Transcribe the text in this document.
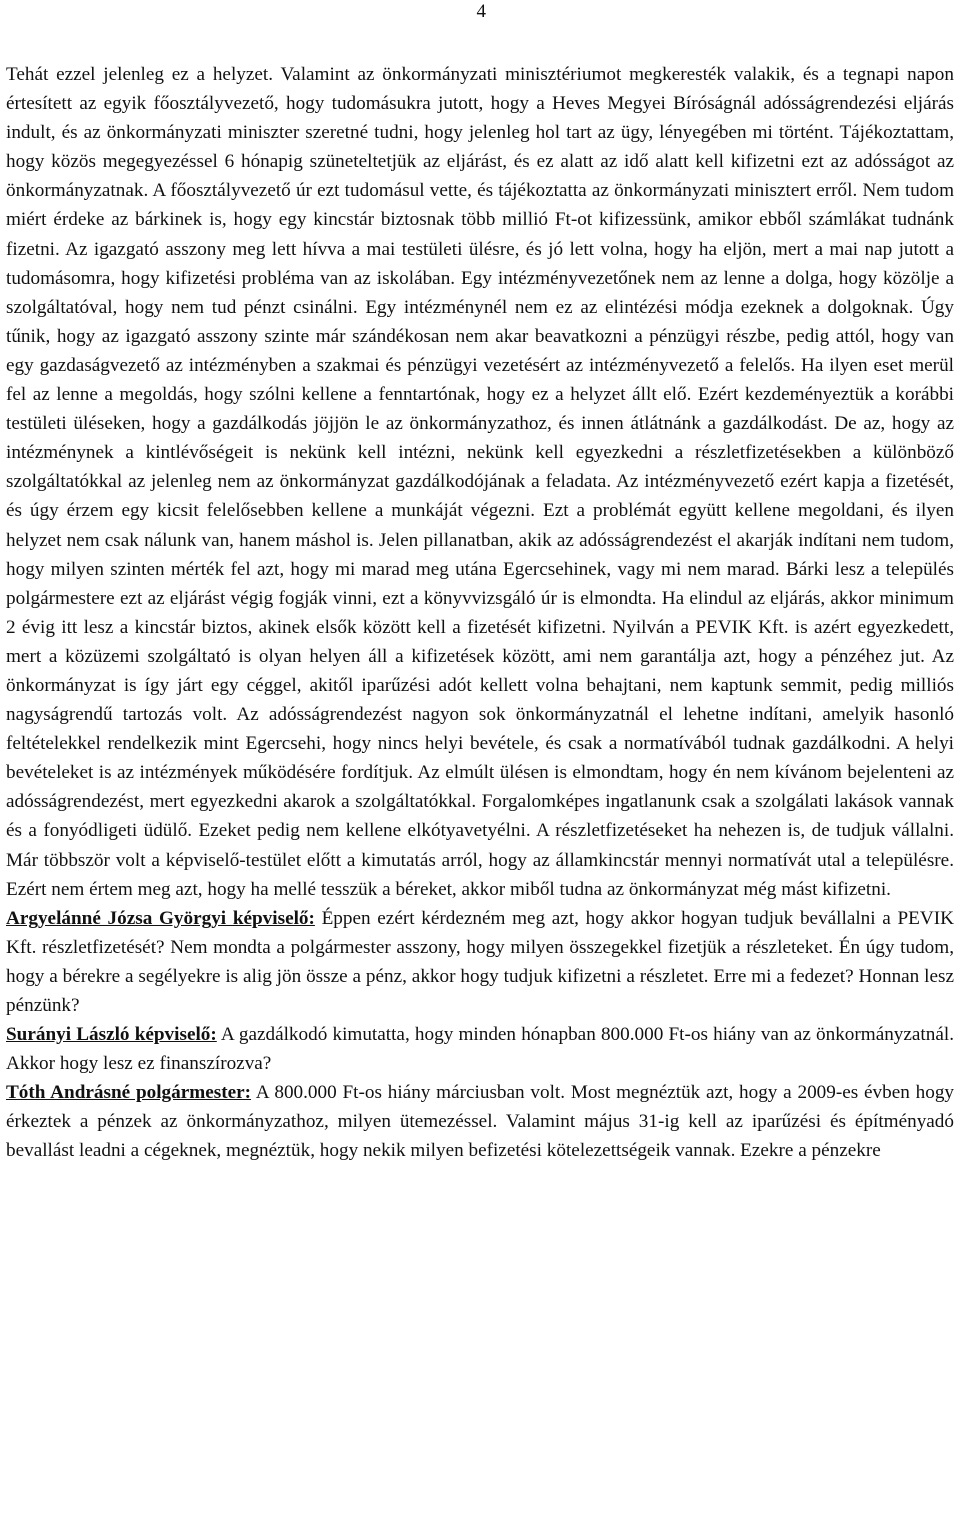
4

Tehát ezzel jelenleg ez a helyzet. Valamint az önkormányzati minisztériumot megkeresték valakik, és a tegnapi napon értesített az egyik főosztályvezető, hogy tudomásukra jutott, hogy a Heves Megyei Bíróságnál adósságrendezési eljárás indult, és az önkormányzati miniszter szeretné tudni, hogy jelenleg hol tart az ügy, lényegében mi történt. Tájékoztattam, hogy közös megegyezéssel 6 hónapig szüneteltetjük az eljárást, és ez alatt az idő alatt kell kifizetni ezt az adósságot az önkormányzatnak. A főosztályvezető úr ezt tudomásul vette, és tájékoztatta az önkormányzati minisztert erről. Nem tudom miért érdeke az bárkinek is, hogy egy kincstár biztosnak több millió Ft-ot kifizessünk, amikor ebből számlákat tudnánk fizetni. Az igazgató asszony meg lett hívva a mai testületi ülésre, és jó lett volna, hogy ha eljön, mert a mai nap jutott a tudomásomra, hogy kifizetési probléma van az iskolában. Egy intézményvezetőnek nem az lenne a dolga, hogy közölje a szolgáltatóval, hogy nem tud pénzt csinálni. Egy intézménynél nem ez az elintézési módja ezeknek a dolgoknak. Úgy tűnik, hogy az igazgató asszony szinte már szándékosan nem akar beavatkozni a pénzügyi részbe, pedig attól, hogy van egy gazdaságvezető az intézményben a szakmai és pénzügyi vezetésért az intézményvezető a felelős. Ha ilyen eset merül fel az lenne a megoldás, hogy szólni kellene a fenntartónak, hogy ez a helyzet állt elő. Ezért kezdeményeztük a korábbi testületi üléseken, hogy a gazdálkodás jöjjön le az önkormányzathoz, és innen átlátnánk a gazdálkodást. De az, hogy az intézménynek a kintlévőségeit is nekünk kell intézni, nekünk kell egyezkedni a részletfizetésekben a különböző szolgáltatókkal az jelenleg nem az önkormányzat gazdálkodójának a feladata. Az intézményvezető ezért kapja a fizetését, és úgy érzem egy kicsit felelősebben kellene a munkáját végezni. Ezt a problémát együtt kellene megoldani, és ilyen helyzet nem csak nálunk van, hanem máshol is. Jelen pillanatban, akik az adósságrendezést el akarják indítani nem tudom, hogy milyen szinten mérték fel azt, hogy mi marad meg utána Egercsehinek, vagy mi nem marad. Bárki lesz a település polgármestere ezt az eljárást végig fogják vinni, ezt a könyvvizsgáló úr is elmondta. Ha elindul az eljárás, akkor minimum 2 évig itt lesz a kincstár biztos, akinek elsők között kell a fizetését kifizetni. Nyilván a PEVIK Kft. is azért egyezkedett, mert a közüzemi szolgáltató is olyan helyen áll a kifizetések között, ami nem garantálja azt, hogy a pénzéhez jut. Az önkormányzat is így járt egy céggel, akitől iparűzési adót kellett volna behajtani, nem kaptunk semmit, pedig milliós nagyságrendű tartozás volt. Az adósságrendezést nagyon sok önkormányzatnál el lehetne indítani, amelyik hasonló feltételekkel rendelkezik mint Egercsehi, hogy nincs helyi bevétele, és csak a normatívából tudnak gazdálkodni. A helyi bevételeket is az intézmények működésére fordítjuk. Az elmúlt ülésen is elmondtam, hogy én nem kívánom bejelenteni az adósságrendezést, mert egyezkedni akarok a szolgáltatókkal. Forgalomképes ingatlanunk csak a szolgálati lakások vannak és a fonyódligeti üdülő. Ezeket pedig nem kellene elkótyavetyélni. A részletfizetéseket ha nehezen is, de tudjuk vállalni. Már többször volt a képviselő-testület előtt a kimutatás arról, hogy az államkincstár mennyi normatívát utal a településre. Ezért nem értem meg azt, hogy ha mellé tesszük a béreket, akkor miből tudna az önkormányzat még mást kifizetni.

Argyelánné Józsa Györgyi képviselő: Éppen ezért kérdezném meg azt, hogy akkor hogyan tudjuk bevállalni a PEVIK Kft. részletfizetését? Nem mondta a polgármester asszony, hogy milyen összegekkel fizetjük a részleteket. Én úgy tudom, hogy a bérekre a segélyekre is alig jön össze a pénz, akkor hogy tudjuk kifizetni a részletet. Erre mi a fedezet? Honnan lesz pénzünk?

Surányi László képviselő: A gazdálkodó kimutatta, hogy minden hónapban 800.000 Ft-os hiány van az önkormányzatnál. Akkor hogy lesz ez finanszírozva?

Tóth Andrásné polgármester: A 800.000 Ft-os hiány márciusban volt. Most megnéztük azt, hogy a 2009-es évben hogy érkeztek a pénzek az önkormányzathoz, milyen ütemezéssel. Valamint május 31-ig kell az iparűzési és építményadó bevallást leadni a cégeknek, megnéztük, hogy nekik milyen befizetési kötelezettségeik vannak. Ezekre a pénzekre
